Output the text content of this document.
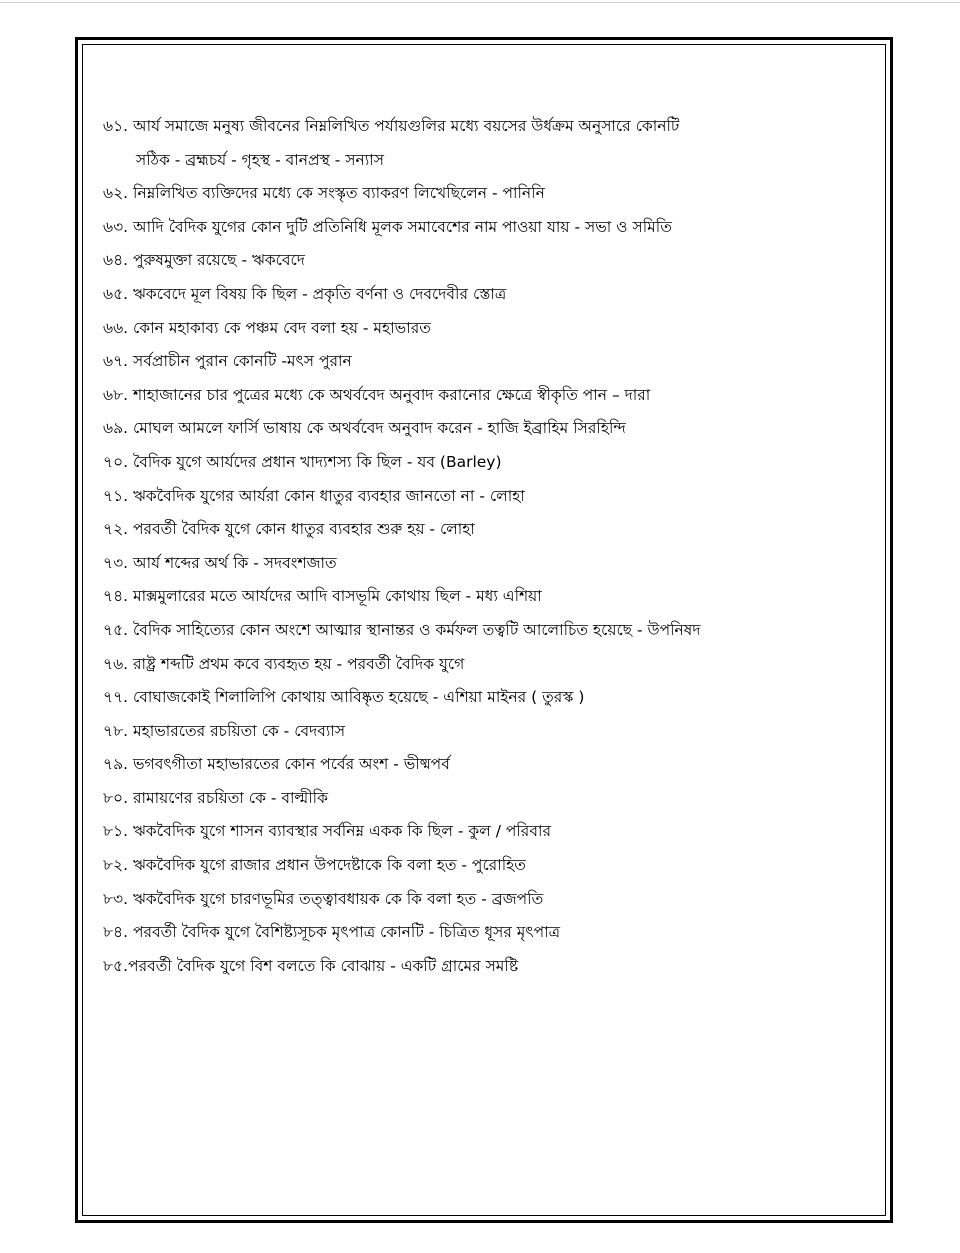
৬১. আর্য সমাজে মনুষ্য জীবনের নিম্নলিখিত পর্যায়গুলির মধ্যে বয়সের উর্ধক্রম অনুসারে কোনটি
সঠিক - ব্রহ্মচর্য - গৃহস্থ - বানপ্রস্থ - সন্যাস
৬২. নিম্নলিখিত ব্যক্তিদের মধ্যে কে সংস্কৃত ব্যাকরণ লিখেছিলেন - পানিনি
৬৩. আদি বৈদিক যুগের কোন দুটি প্রতিনিধি মূলক সমাবেশের নাম পাওয়া যায় - সভা ও সমিতি
৬৪. পুরুষমুক্তা রয়েছে - ঋকবেদে
৬৫. ঋকবেদে মূল বিষয় কি ছিল - প্রকৃতি বর্ণনা ও দেবদেবীর স্তোত্র
৬৬. কোন মহাকাব্য কে পঞ্চম বেদ বলা হয় - মহাভারত
৬৭. সর্বপ্রাচীন পুরান কোনটি -মৎস পুরান
৬৮. শাহাজানের চার পুত্রের মধ্যে কে অথর্ববেদ অনুবাদ করানোর ক্ষেত্রে স্বীকৃতি পান – দারা
৬৯. মোঘল আমলে ফার্সি ভাষায় কে অথর্ববেদ অনুবাদ করেন - হাজি ইব্রাহিম সিরহিন্দি
৭০. বৈদিক যুগে আর্যদের প্রধান খাদ্যশস্য কি ছিল - যব (Barley)
৭১. ঋকবৈদিক যুগের আর্যরা কোন ধাতুর ব্যবহার জানতো না - লোহা
৭২. পরবর্তী বৈদিক যুগে কোন ধাতুর ব্যবহার শুরু হয় - লোহা
৭৩. আর্য শব্দের অর্থ কি - সদবংশজাত
৭৪. মাক্সমুলারের মতে আর্যদের আদি বাসভূমি কোথায় ছিল - মধ্য এশিয়া
৭৫. বৈদিক সাহিত্যের কোন অংশে আত্মার স্থানান্তর ও কর্মফল তত্বটি আলোচিত হয়েছে - উপনিষদ
৭৬. রাষ্ট্র শব্দটি প্রথম কবে ব্যবহৃত হয় - পরবর্তী বৈদিক যুগে
৭৭. বোঘাজকোই শিলালিপি কোথায় আবিষ্কৃত হয়েছে - এশিয়া মাইনর ( তুরস্ক )
৭৮. মহাভারতের রচয়িতা কে - বেদব্যাস
৭৯. ভগবৎগীতা মহাভারতের কোন পর্বের অংশ - ভীষ্মপর্ব
৮০. রামায়ণের রচয়িতা কে - বাল্মীকি
৮১. ঋকবৈদিক যুগে শাসন ব্যাবস্থার সর্বনিম্ন একক কি ছিল - কুল / পরিবার
৮২. ঋকবৈদিক যুগে রাজার প্রধান উপদেষ্টাকে কি বলা হত - পুরোহিত
৮৩. ঋকবৈদিক যুগে চারণভূমির তত্ত্বাবধায়ক কে কি বলা হত - ব্রজপতি
৮৪. পরবর্তী বৈদিক যুগে বৈশিষ্ট্যসূচক মৃৎপাত্র কোনটি - চিত্রিত ধূসর মৃৎপাত্র
৮৫.পরবর্তী বৈদিক যুগে বিশ বলতে কি বোঝায় - একটি গ্রামের সমষ্টি
